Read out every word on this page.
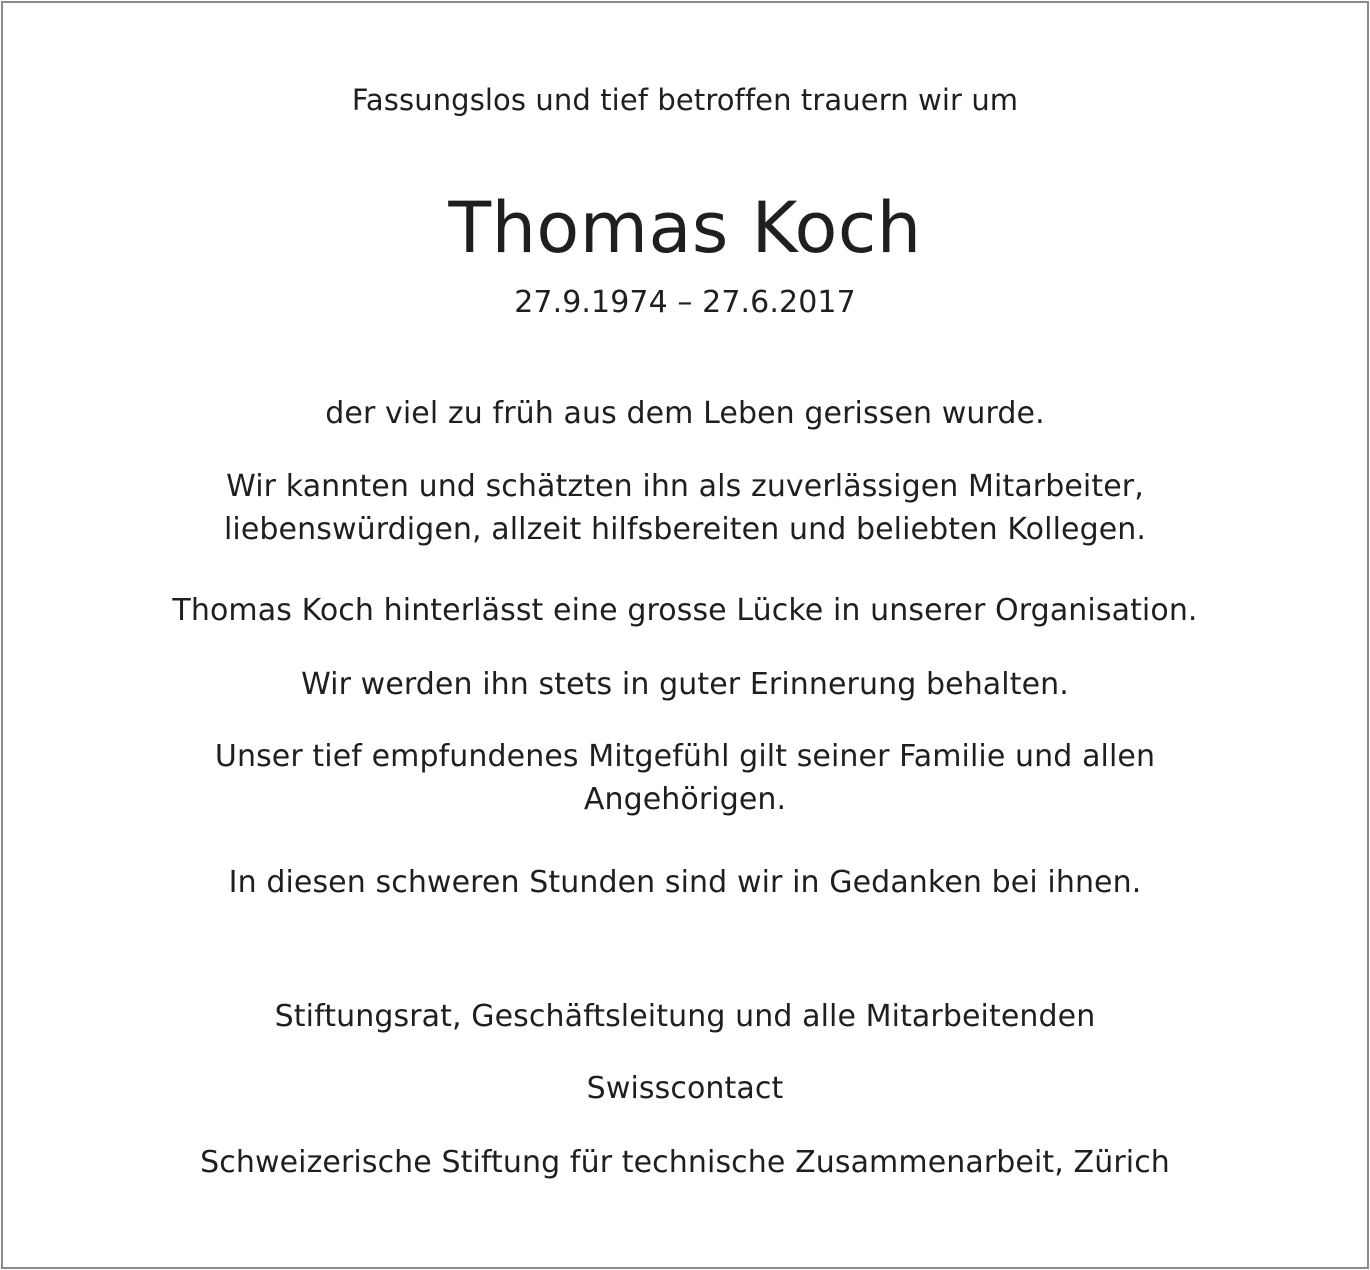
Fassungslos und tief betroffen trauern wir um
Thomas Koch
27.9.1974 – 27.6.2017
der viel zu früh aus dem Leben gerissen wurde.
Wir kannten und schätzten ihn als zuverlässigen Mitarbeiter,
liebenswürdigen, allzeit hilfsbereiten und beliebten Kollegen.
Thomas Koch hinterlässt eine grosse Lücke in unserer Organisation.
Wir werden ihn stets in guter Erinnerung behalten.
Unser tief empfundenes Mitgefühl gilt seiner Familie und allen
Angehörigen.
In diesen schweren Stunden sind wir in Gedanken bei ihnen.
Stiftungsrat, Geschäftsleitung und alle Mitarbeitenden
Swisscontact
Schweizerische Stiftung für technische Zusammenarbeit, Zürich
